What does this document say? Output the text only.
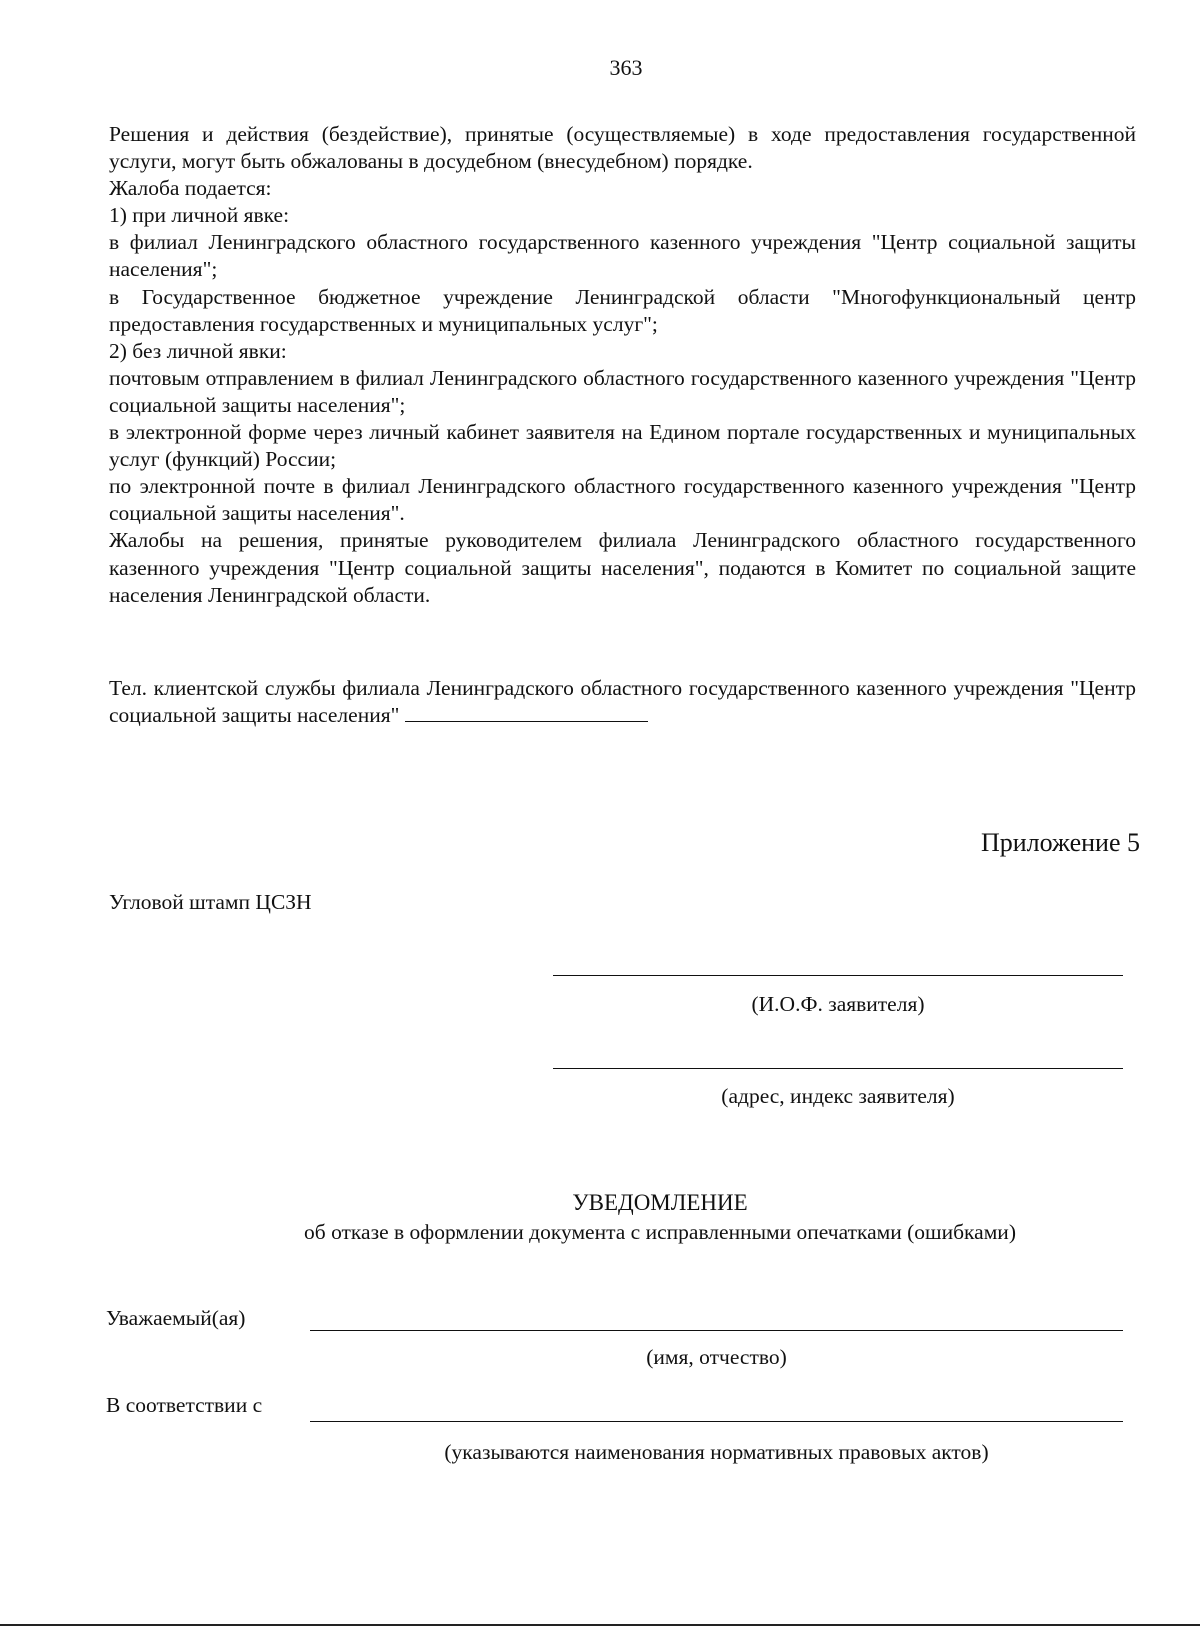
363
Решения и действия (бездействие), принятые (осуществляемые) в ходе предоставления государственной услуги, могут быть обжалованы в досудебном (внесудебном) порядке.
Жалоба подается:
1) при личной явке:
в филиал Ленинградского областного государственного казенного учреждения "Центр социальной защиты населения";
в Государственное бюджетное учреждение Ленинградской области "Многофункциональный центр предоставления государственных и муниципальных услуг";
2) без личной явки:
почтовым отправлением в филиал Ленинградского областного государственного казенного учреждения "Центр социальной защиты населения";
в электронной форме через личный кабинет заявителя на Едином портале государственных и муниципальных услуг (функций) России;
по электронной почте в филиал Ленинградского областного государственного казенного учреждения "Центр социальной защиты населения".
Жалобы на решения, принятые руководителем филиала Ленинградского областного государственного казенного учреждения "Центр социальной защиты населения", подаются в Комитет по социальной защите населения Ленинградской области.
Тел. клиентской службы филиала Ленинградского областного государственного казенного учреждения "Центр социальной защиты населения"
Приложение 5
Угловой штамп ЦСЗН
(И.О.Ф. заявителя)
(адрес, индекс заявителя)
УВЕДОМЛЕНИЕ
об отказе в оформлении документа с исправленными опечатками (ошибками)
Уважаемый(ая)
(имя, отчество)
В соответствии с
(указываются наименования нормативных правовых актов)
